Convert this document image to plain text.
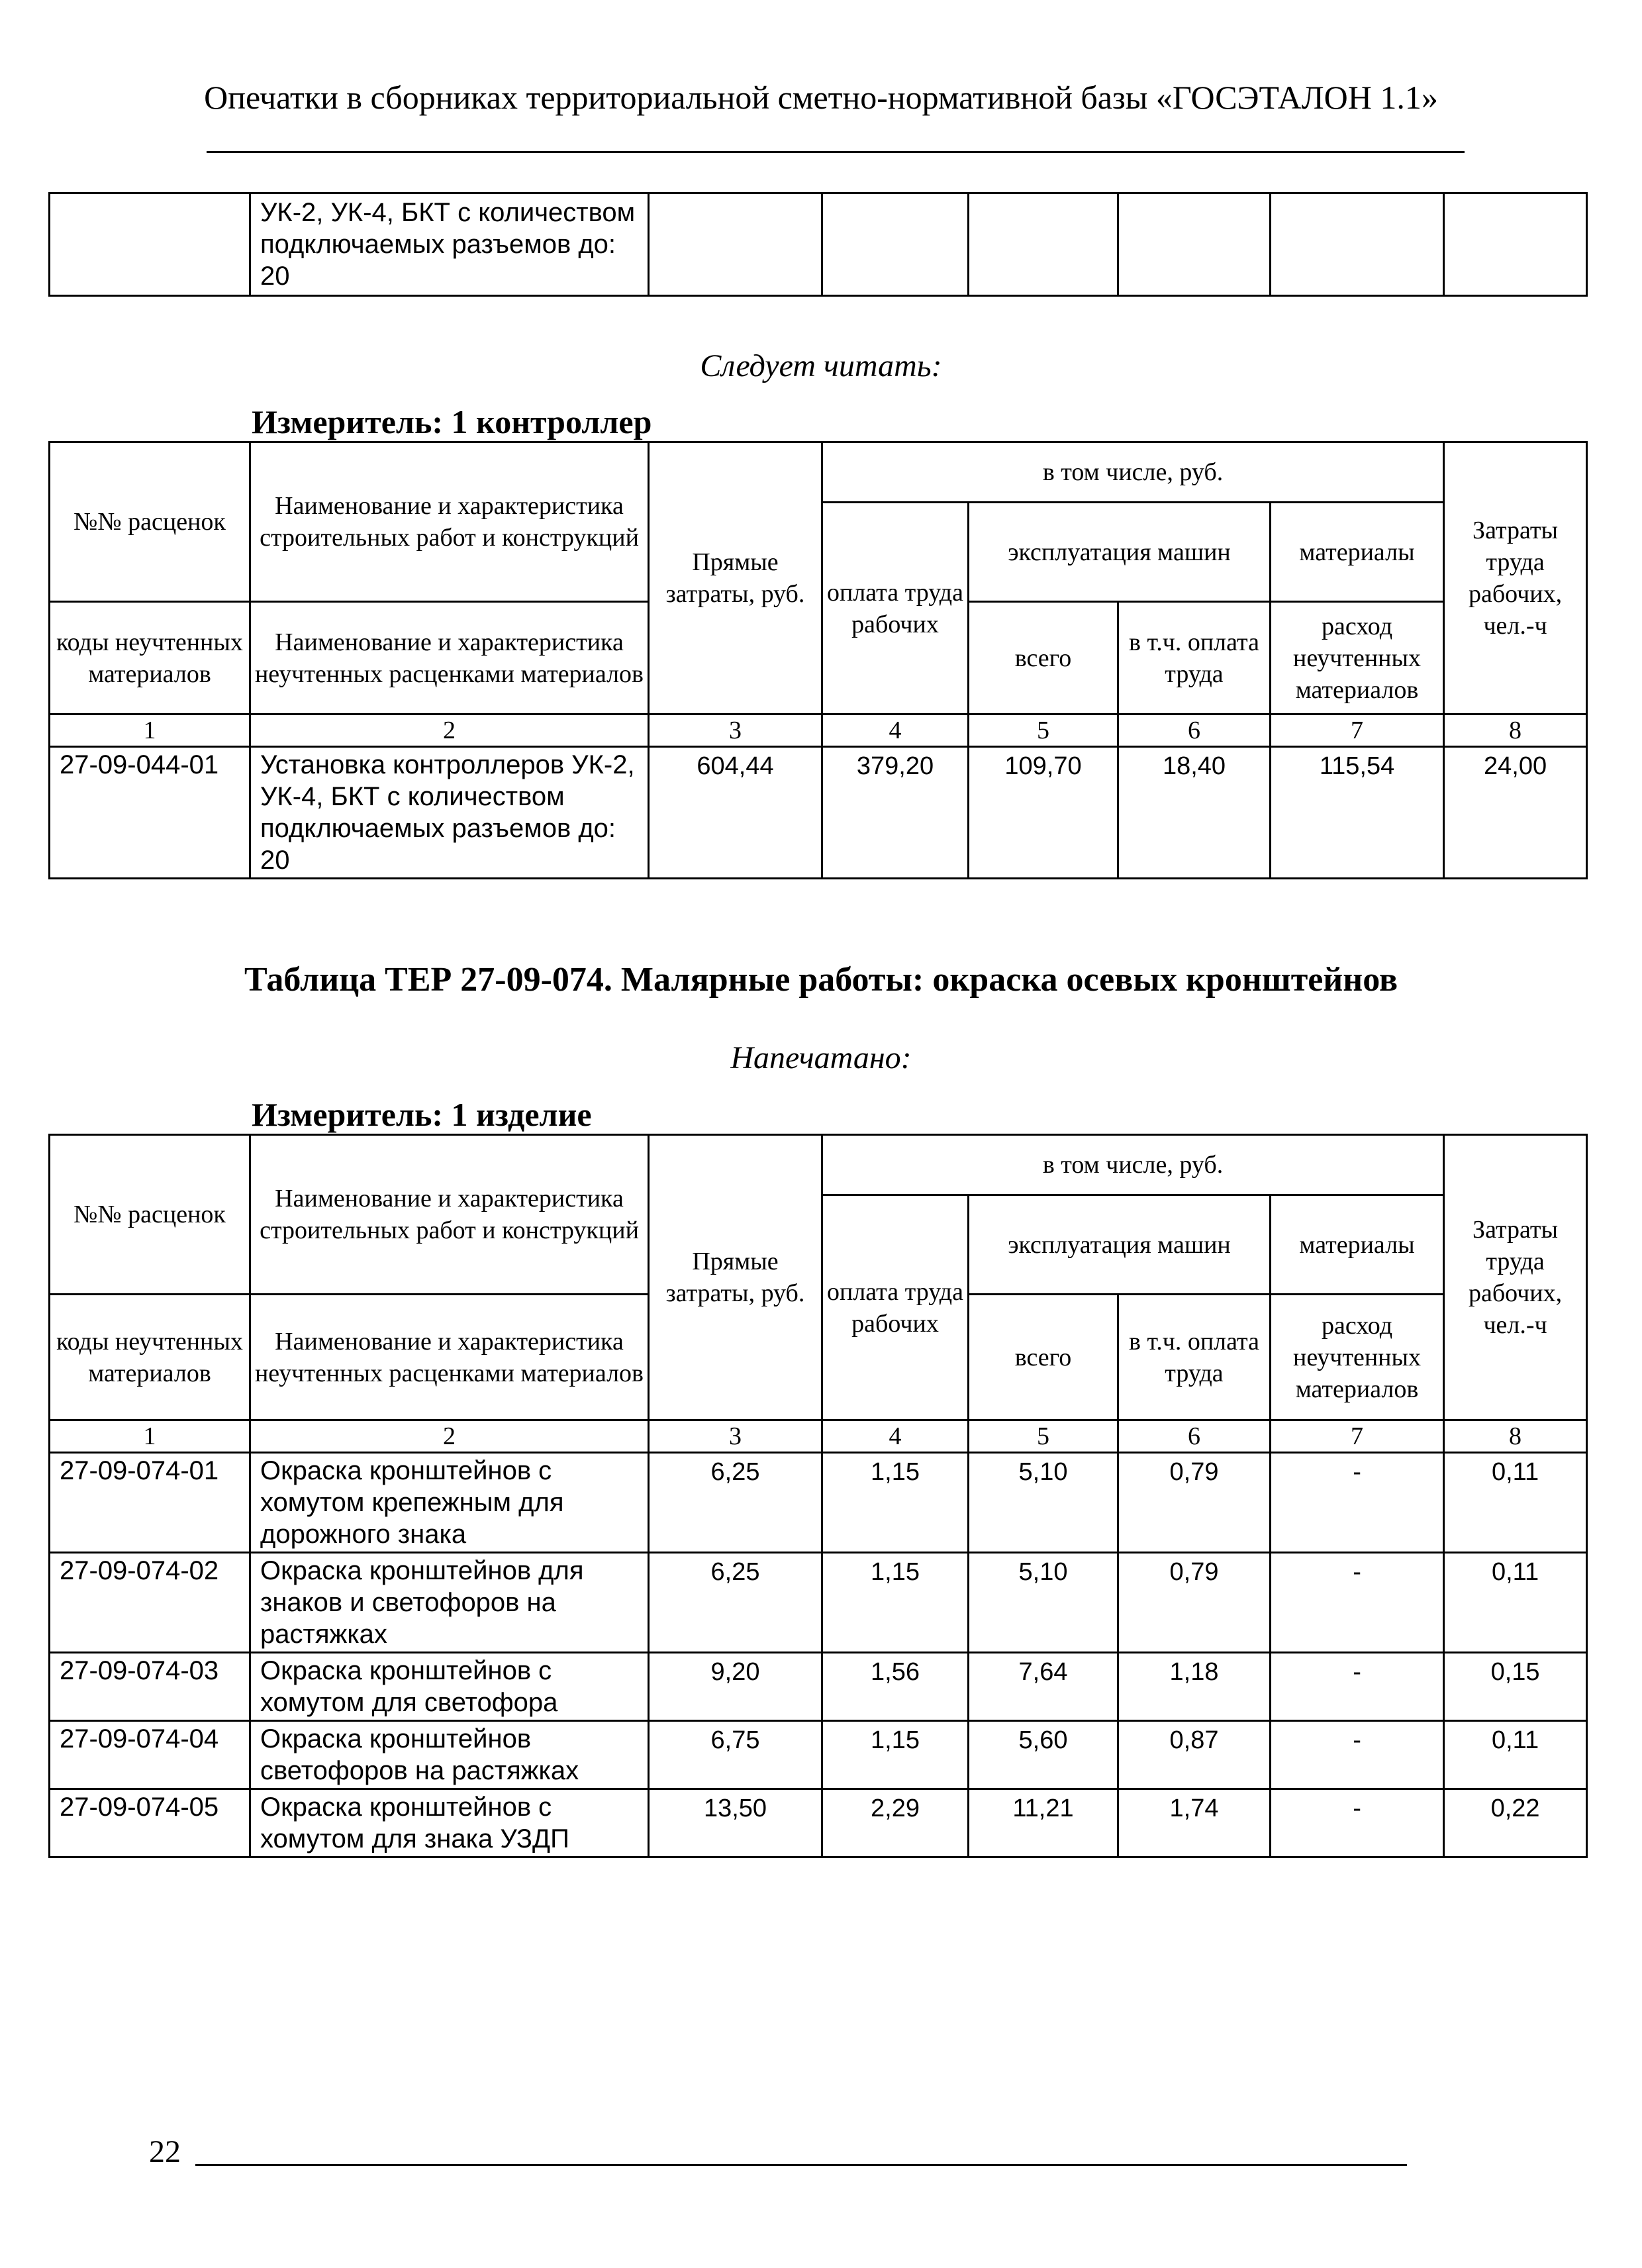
Опечатки в сборниках территориальной сметно-нормативной базы «ГОСЭТАЛОН 1.1»

УК-2, УК-4, БКТ с количеством подключаемых разъемов до: 20

Следует читать:
Измеритель: 1 контроллер
№№ расценок	Наименование и характеристика строительных работ и конструкций	Прямые затраты, руб.	в том числе, руб.				Затраты труда рабочих, чел.-ч
			оплата труда рабочих	эксплуатация машин		материалы	
коды неучтенных материалов	Наименование и характеристика неучтенных расценками материалов			всего	в т.ч. оплата труда	расход неучтенных материалов	

1	2	3	4	5	6	7	8
27-09-044-01	Установка контроллеров УК-2, УК-4, БКТ с количеством подключаемых разъемов до: 20	604,44	379,20	109,70	18,40	115,54	24,00
Таблица ТЕР 27-09-074. Малярные работы: окраска осевых кронштейнов
Напечатано:
Измеритель: 1 изделие
№№ расценок	Наименование и характеристика строительных работ и конструкций	Прямые затраты, руб.	в том числе, руб.				Затраты труда рабочих, чел.-ч
			оплата труда рабочих	эксплуатация машин		материалы	
коды неучтенных материалов	Наименование и характеристика неучтенных расценками материалов			всего	в т.ч. оплата труда	расход неучтенных материалов	

1	2	3	4	5	6	7	8
27-09-074-01	Окраска кронштейнов с хомутом крепежным для дорожного знака	6,25	1,15	5,10	0,79	-	0,11
27-09-074-02	Окраска кронштейнов для знаков и светофоров на растяжках	6,25	1,15	5,10	0,79	-	0,11
27-09-074-03	Окраска кронштейнов с хомутом для светофора	9,20	1,56	7,64	1,18	-	0,15
27-09-074-04	Окраска кронштейнов светофоров на растяжках	6,75	1,15	5,60	0,87	-	0,11
27-09-074-05	Окраска кронштейнов с хомутом для знака УЗДП	13,50	2,29	11,21	1,74	-	0,22
22
